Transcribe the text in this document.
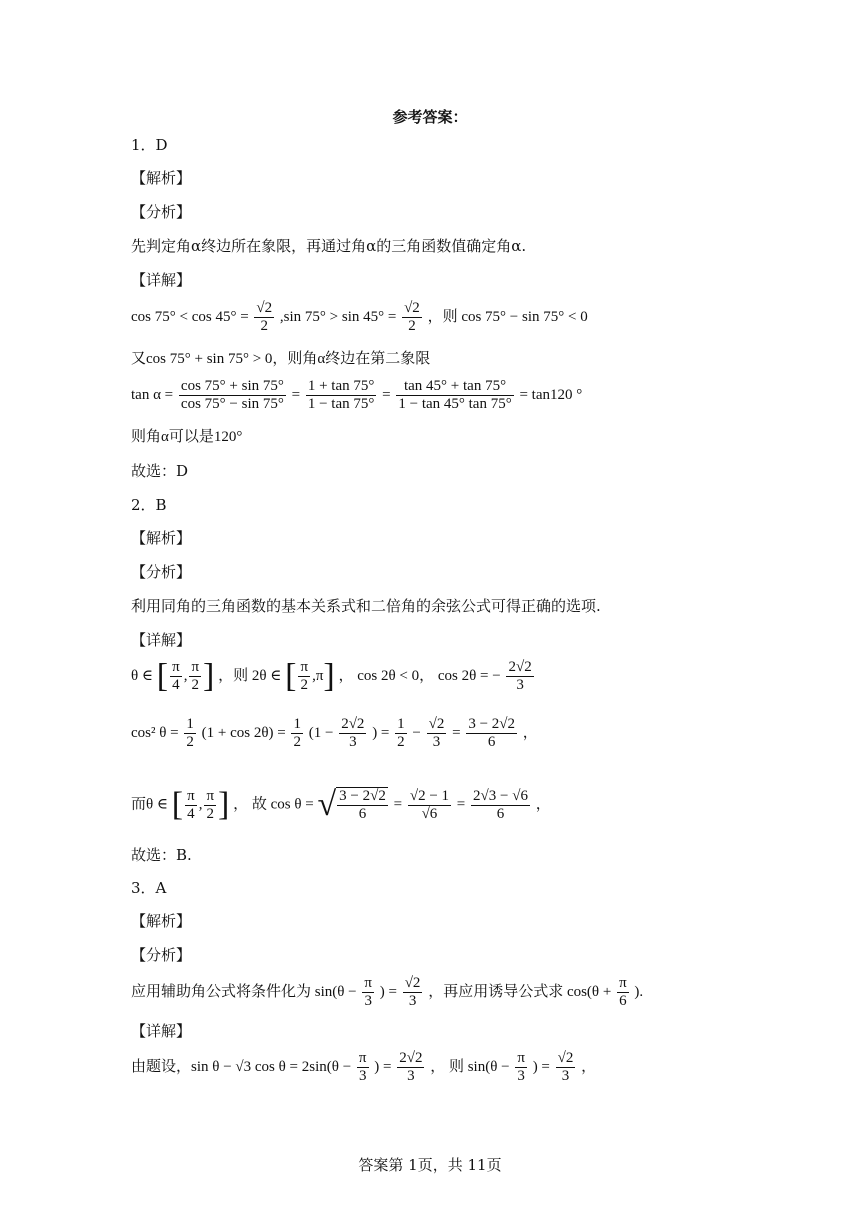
参考答案：
1．D
【解析】
【分析】
先判定角α终边所在象限，再通过角α的三角函数值确定角α.
【详解】
$\cos 75^\circ < \cos 45^\circ = \frac{√2}{2} ,\sin$ $75^\circ > \sin 45^\circ = \frac{√2}{2}$ ，则 cos 75° − sin 75° < 0
又cos 75° + sin 75° > 0，则角α终边在第二象限
$\tan \alpha = \frac{\cos 75^\circ + \sin 75^\circ}{\cos 75^\circ - \sin 75^\circ} = \frac{1 + \tan 75^\circ}{1 - \tan 75^\circ} = \frac{\tan 45^\circ + \tan 75^\circ}{1 - \tan 45^\circ \tan 75^\circ} = \tan 120$ °
则角α可以是120°
故选：D
2．B
【解析】
【分析】
利用同角的三角函数的基本关系式和二倍角的余弦公式可得正确的选项.
【详解】
θ ∈ [ $\frac{\pi}{4}$ , $\frac{\pi}{2}$ ] ，则 2θ ∈ [ $\frac{\pi}{2} ,\pi$] ， cos 2θ < 0， cos 2θ = − $\frac{2√2}{3}$
cos² $\theta = \frac{1}{2} (1 + \cos 2\theta) = \frac{1}{2} (1 - \frac{2√2}{3}$ ) = $\frac{1}{2} - \frac{√2}{3} = \frac{3 - 2√2}{6}$ ，
而θ ∈ [ $\frac{\pi}{4}$ , $\frac{\pi}{2}$ ] ， 故 cos θ = √ $\frac{3 - 2√2}{6} = \frac{√2 - 1}{√6} = \frac{2√3 - √6}{6}$ ，
故选：B.
3．A
【解析】
【分析】
应用辅助角公式将条件化为 $\sin(\theta - \frac{\pi}{3}$ ) = $\frac{√2}{3}$ ，再应用诱导公式求 $\cos(\theta + \frac{\pi}{6}$ ).
【详解】
由题设，sin θ − √3 $\cos \theta = 2\sin(\theta - \frac{\pi}{3}$ ) = $\frac{2√2}{3}$ ， 则 $\sin(\theta - \frac{\pi}{3}$ ) = $\frac{√2}{3}$ ，
答案第 1页，共 11页
